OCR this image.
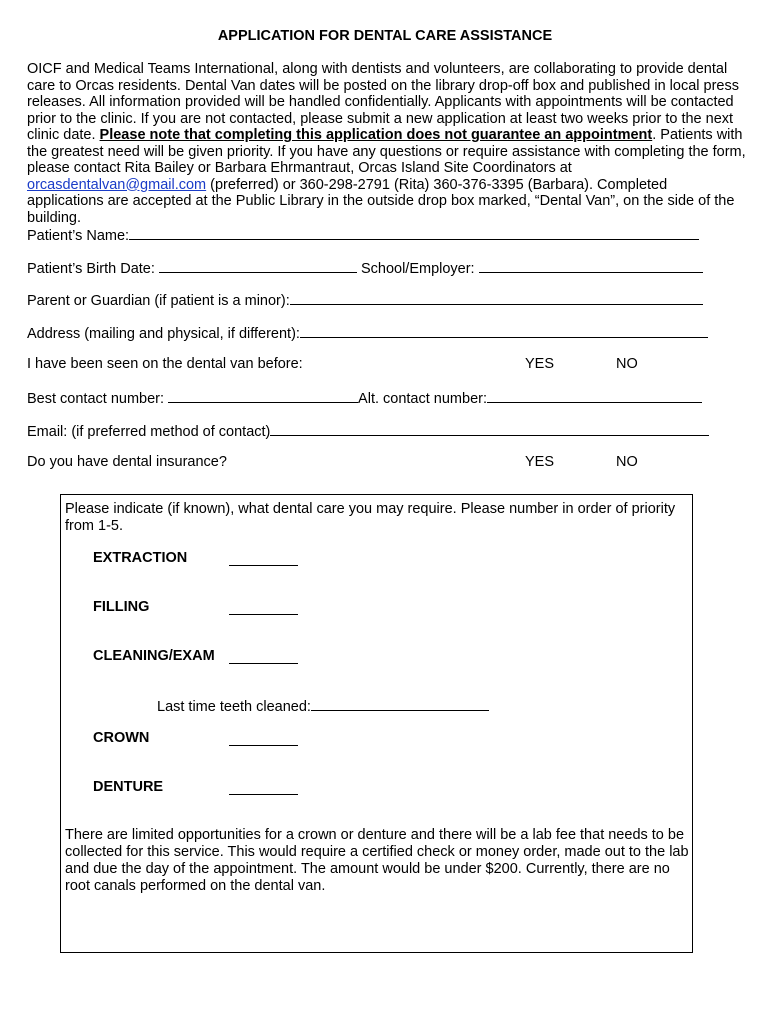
APPLICATION FOR DENTAL CARE ASSISTANCE
OICF and Medical Teams International, along with dentists and volunteers, are collaborating to provide dental care to Orcas residents. Dental Van dates will be posted on the library drop-off box and published in local press releases. All information provided will be handled confidentially. Applicants with appointments will be contacted prior to the clinic. If you are not contacted, please submit a new application at least two weeks prior to the next clinic date. Please note that completing this application does not guarantee an appointment. Patients with the greatest need will be given priority. If you have any questions or require assistance with completing the form, please contact Rita Bailey or Barbara Ehrmantraut, Orcas Island Site Coordinators at orcasdentalvan@gmail.com (preferred) or 360-298-2791 (Rita) 360-376-3395 (Barbara). Completed applications are accepted at the Public Library in the outside drop box marked, “Dental Van”, on the side of the building.
Patient’s Name:
Patient’s Birth Date:	School/Employer:
Parent or Guardian (if patient is a minor):
Address (mailing and physical, if different):
I have been seen on the dental van before:	YES	NO
Best contact number:	Alt. contact number:
Email: (if preferred method of contact)
Do you have dental insurance?	YES	NO
Please indicate (if known), what dental care you may require. Please number in order of priority from 1-5.
EXTRACTION
FILLING
CLEANING/EXAM
Last time teeth cleaned:
CROWN
DENTURE
There are limited opportunities for a crown or denture and there will be a lab fee that needs to be collected for this service. This would require a certified check or money order, made out to the lab and due the day of the appointment. The amount would be under $200. Currently, there are no root canals performed on the dental van.
